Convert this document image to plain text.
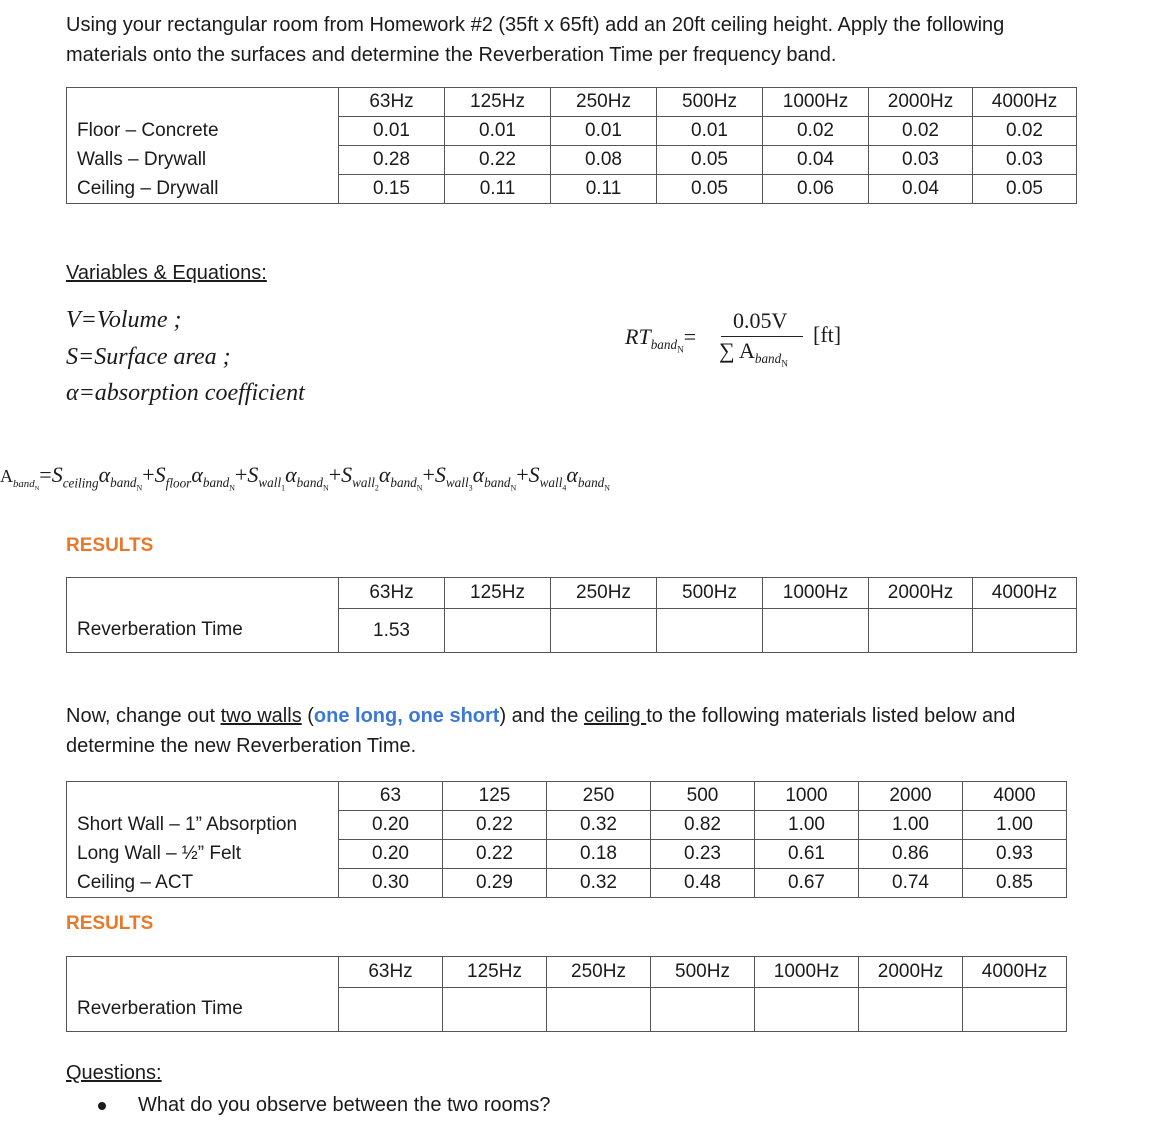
Using your rectangular room from Homework #2 (35ft x 65ft) add an 20ft ceiling height. Apply the following
materials onto the surfaces and determine the Reverberation Time per frequency band.
	63Hz	125Hz	250Hz	500Hz	1000Hz	2000Hz	4000Hz
Floor – Concrete	0.01	0.01	0.01	0.01	0.02	0.02	0.02
Walls – Drywall	0.28	0.22	0.08	0.05	0.04	0.03	0.03
Ceiling – Drywall	0.15	0.11	0.11	0.05	0.06	0.04	0.05
Variables & Equations:
V=Volume ;
S=Surface area ;
α=absorption coefficient
$RT_{band_N}=$
0.05V
∑ $A_{band_N}$
[ft]
$A_{band_N}=S_{ceiling}\alpha_{band_N}+S_{floor}\alpha_{band_N}+S_{wall_1}\alpha_{band_N}+S_{wall_2}\alpha_{band_N}+S_{wall_3}\alpha_{band_N}+S_{wall_4}\alpha_{band_N}$
RESULTS
	63Hz	125Hz	250Hz	500Hz	1000Hz	2000Hz	4000Hz
Reverberation Time	1.53						
Now, change out two walls (one long, one short) and the ceiling to the following materials listed below and
determine the new Reverberation Time.
	63	125	250	500	1000	2000	4000
Short Wall – 1” Absorption	0.20	0.22	0.32	0.82	1.00	1.00	1.00
Long Wall – ½” Felt	0.20	0.22	0.18	0.23	0.61	0.86	0.93
Ceiling – ACT	0.30	0.29	0.32	0.48	0.67	0.74	0.85
RESULTS
	63Hz	125Hz	250Hz	500Hz	1000Hz	2000Hz	4000Hz
Reverberation Time							
Questions:
What do you observe between the two rooms?
